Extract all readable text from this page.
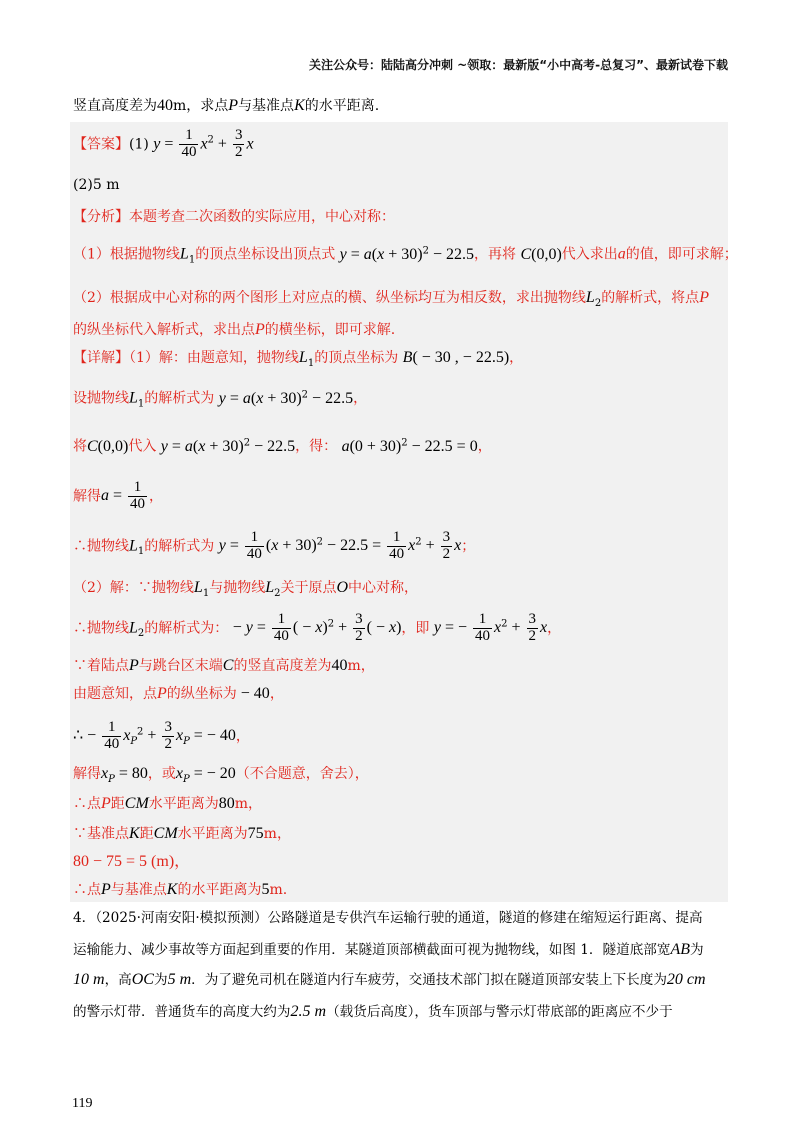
关注公众号：陆陆高分冲刺 ~领取：最新版“小中高考-总复习”、最新试卷下载
竖直高度差为40m，求点P与基准点K的水平距离.
【答案】(1) $y = \frac{1}{40} x^2 + \frac{3}{2}$ x
(2)5 m
【分析】本题考查二次函数的实际应用，中心对称：
（1）根据抛物线$L_1$的顶点坐标设出顶点式 $y = a(x + 30)^2 - 22.5$，再将 C(0,0)代入求出a的值，即可求解；
（2）根据成中心对称的两个图形上对应点的横、纵坐标均互为相反数，求出抛物线$L_2$的解析式，将点P
的纵坐标代入解析式，求出点P的横坐标，即可求解.
【详解】（1）解：由题意知，抛物线$L_1$的顶点坐标为 B( − 30 , − 22.5)，
设抛物线$L_1$的解析式为 $y = a(x + 30)^2 - 22.5$，
将C(0,0)代入 $y = a(x + 30)^2 - 22.5$，得： $a(0 + 30)^2 - 22.5 = 0$，
解得$a = \frac{1}{40}$ ，
∴抛物线$L_1$的解析式为 $y = \frac{1}{40} (x + 30)^2 - 22.5 = \frac{1}{40} x^2 + \frac{3}{2}$ x；
（2）解：∵抛物线$L_1$与抛物线$L_2$关于原点O中心对称，
∴抛物线$L_2$的解析式为： − $y = \frac{1}{40}$ ( − $x)^2 + \frac{3}{2}$ ( − x)，即 y = − $\frac{1}{40} x^2 + \frac{3}{2}$ x，
∵着陆点P与跳台区末端C的竖直高度差为40m，
由题意知，点P的纵坐标为 − 40，
∴ − $\frac{1}{40} x_P^2 + \frac{3}{2} x_P$ = − 40，
解得$x_P = 80$，或$x_P$ = − 20（不合题意，舍去），
∴点P距CM水平距离为80m，
∵基准点K距CM水平距离为75m，
80 − 75 = 5 (m)，
∴点P与基准点K的水平距离为5m.
4．（2025·河南安阳·模拟预测）公路隧道是专供汽车运输行驶的通道，隧道的修建在缩短运行距离、提高
运输能力、减少事故等方面起到重要的作用．某隧道顶部横截面可视为抛物线，如图 1．隧道底部宽AB为
10 m，高OC为5 m．为了避免司机在隧道内行车疲劳，交通技术部门拟在隧道顶部安装上下长度为20 cm
的警示灯带．普通货车的高度大约为2.5 m（载货后高度），货车顶部与警示灯带底部的距离应不少于
119
